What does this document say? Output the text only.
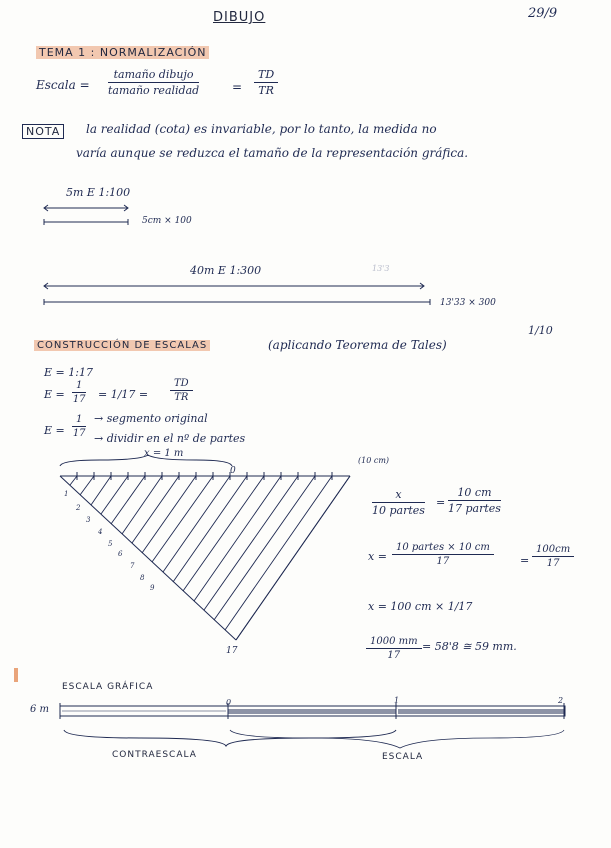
DIBUJO	29/9
TEMA 1 : NORMALIZACIÓN
Escala =
tamaño dibujo
tamaño realidad	= $\frac{TD}{TR}$
NOTA	la realidad (cota) es invariable, por lo tanto, la medida no
varía aunque se reduzca el tamaño de la representación gráfica.
5m E 1:100
5cm × 100
40m E 1:300	13'3
13'33 × 300
1/10
CONSTRUCCIÓN DE ESCALAS	(aplicando Teorema de Tales)
E = 1:17
$E = \frac{1}{17} = 1/17 = \frac{TD}{TR}$
$E = \frac{1}{17}$ → segmento original
→ dividir en el nº de partes
x = 1 m
0
(10 cm)
17
1
2
3
4
5
6
7
8
9
x
10 partes
=
10 cm
17 partes
x =
10 partes × 10 cm
17	= $\frac{100cm}{17}$
x = 100 cm × 1/17
$\frac{1000 mm}{17} = 58'8$ ≅ 59 mm.
ESCALA GRÁFICA
6 m
0	1	2
CONTRAESCALA	ESCALA
